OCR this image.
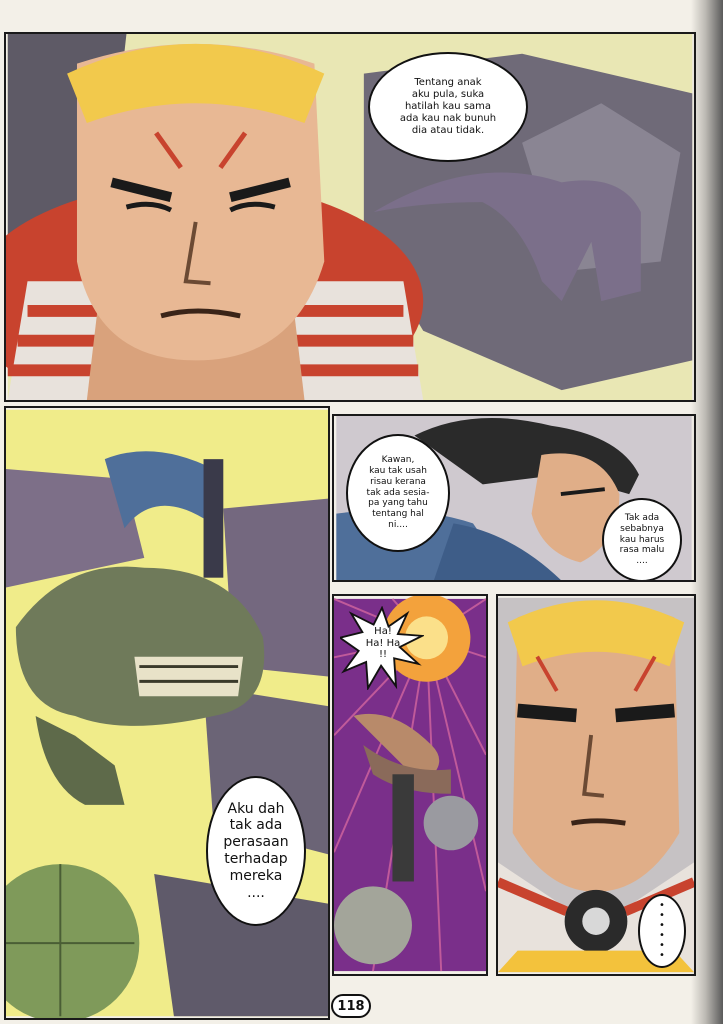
Tentang anak
aku pula, suka
hatilah kau sama
ada kau nak bunuh
dia atau tidak.
Aku dah
tak ada
perasaan
terhadap
mereka
....
Kawan,
kau tak usah
risau kerana
tak ada sesia-
pa yang tahu
tentang hal
ni....
Tak ada
sebabnya
kau harus
rasa malu
....
Ha!
Ha! Ha
!!
•
•
•
•
•
•
118
